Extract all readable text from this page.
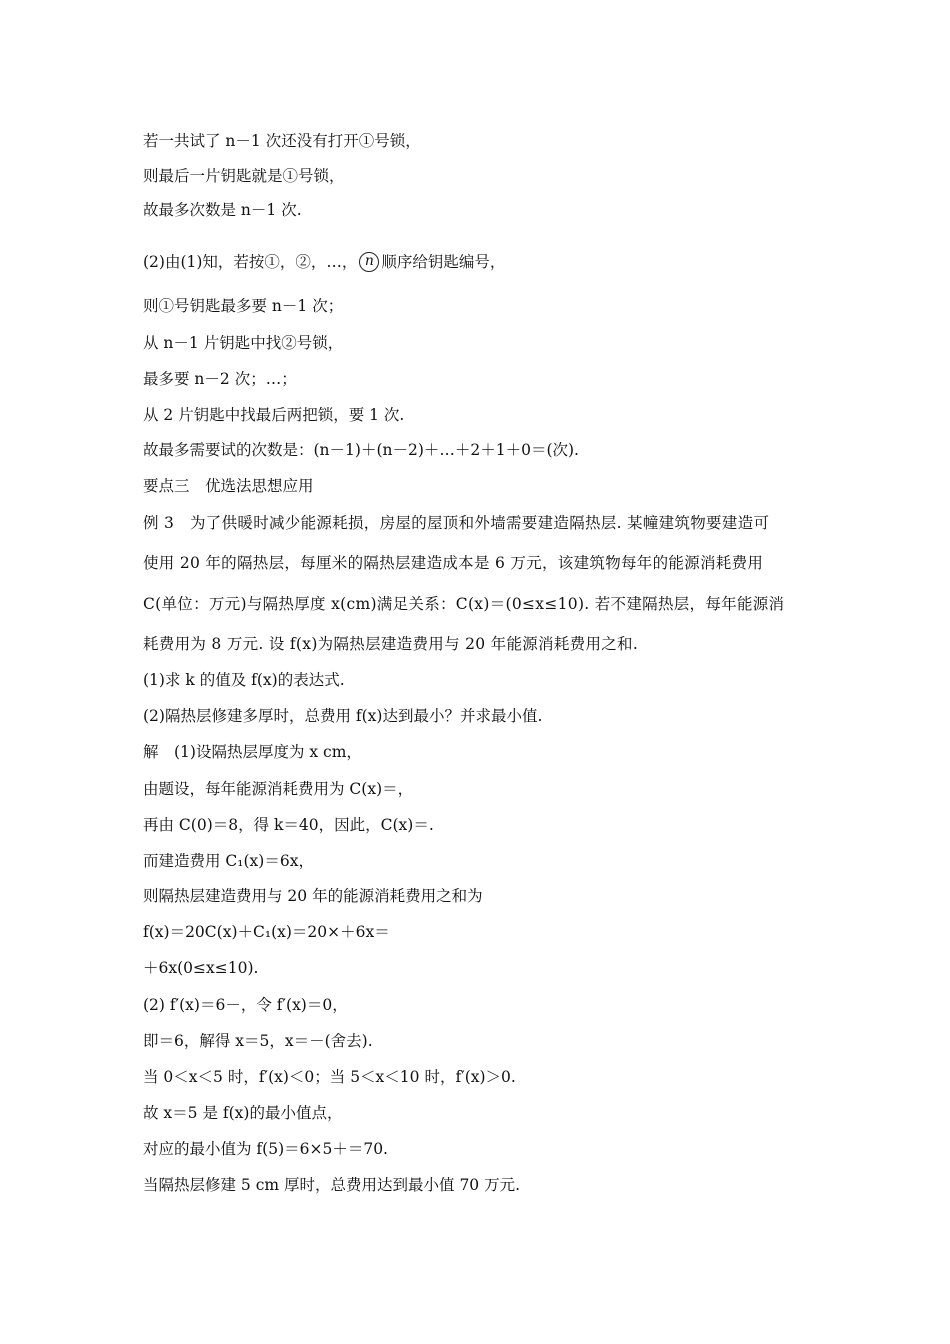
若一共试了 n－1 次还没有打开①号锁，
则最后一片钥匙就是①号锁，
故最多次数是 n－1 次.
(2)由(1)知，若按①，②，…， n 顺序给钥匙编号，
则①号钥匙最多要 n－1 次；
从 n－1 片钥匙中找②号锁，
最多要 n－2 次；…；
从 2 片钥匙中找最后两把锁，要 1 次.
故最多需要试的次数是：(n－1)＋(n－2)＋…＋2＋1＋0＝(次).
要点三　优选法思想应用
例 3　为了供暖时减少能源耗损，房屋的屋顶和外墙需要建造隔热层. 某幢建筑物要建造可
使用 20 年的隔热层，每厘米的隔热层建造成本是 6 万元，该建筑物每年的能源消耗费用
C(单位：万元)与隔热厚度 x(cm)满足关系：C(x)＝(0≤x≤10). 若不建隔热层，每年能源消
耗费用为 8 万元. 设 f(x)为隔热层建造费用与 20 年能源消耗费用之和.
(1)求 k 的值及 f(x)的表达式.
(2)隔热层修建多厚时，总费用 f(x)达到最小？并求最小值.
解　(1)设隔热层厚度为 x cm，
由题设，每年能源消耗费用为 C(x)＝，
再由 C(0)＝8，得 k＝40，因此，C(x)＝.
而建造费用 C₁(x)＝6x，
则隔热层建造费用与 20 年的能源消耗费用之和为
f(x)＝20C(x)＋C₁(x)＝20×＋6x＝
＋6x(0≤x≤10).
(2) f′(x)＝6－，令 f′(x)＝0，
即＝6，解得 x＝5，x＝－(舍去).
当 0＜x＜5 时，f′(x)＜0；当 5＜x＜10 时，f′(x)＞0.
故 x＝5 是 f(x)的最小值点，
对应的最小值为 f(5)＝6×5＋＝70.
当隔热层修建 5 cm 厚时，总费用达到最小值 70 万元.
